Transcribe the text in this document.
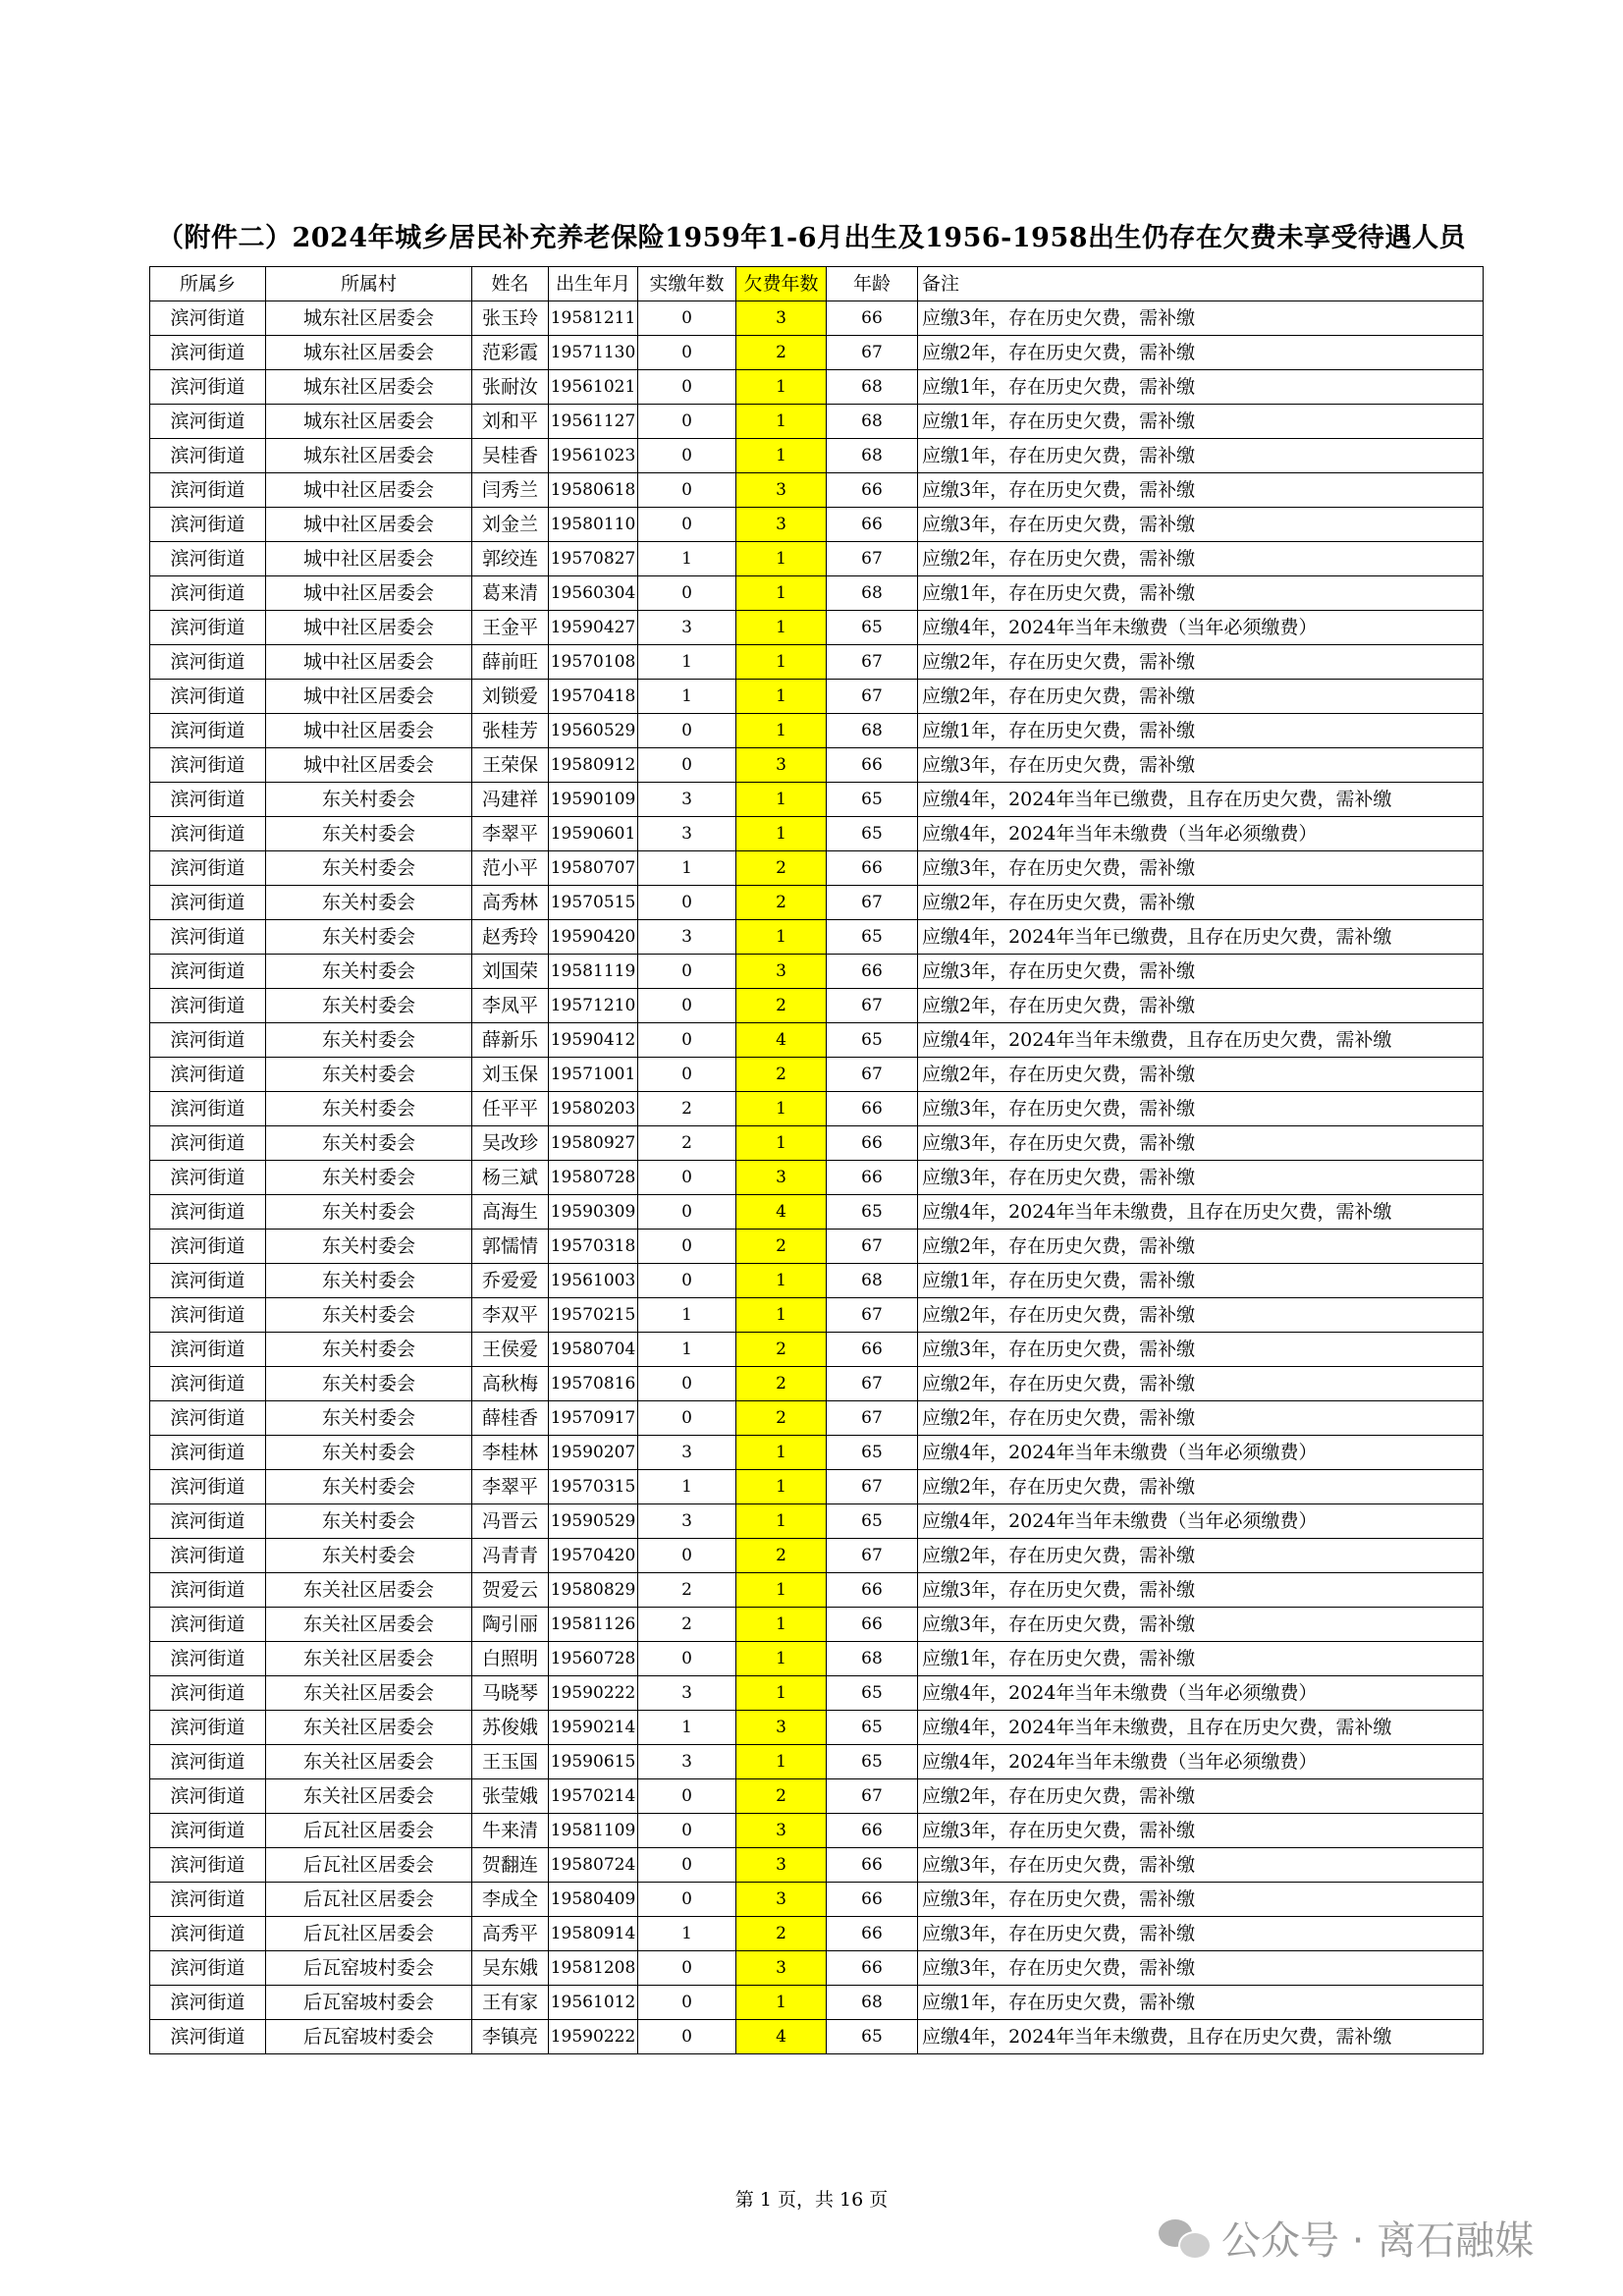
（附件二）2024年城乡居民补充养老保险1959年1-6月出生及1956-1958出生仍存在欠费未享受待遇人员
所属乡	所属村	姓名	出生年月	实缴年数	欠费年数	年龄	备注
滨河街道	城东社区居委会	张玉玲	19581211	0	3	66	应缴3年，存在历史欠费，需补缴
滨河街道	城东社区居委会	范彩霞	19571130	0	2	67	应缴2年，存在历史欠费，需补缴
滨河街道	城东社区居委会	张耐汝	19561021	0	1	68	应缴1年，存在历史欠费，需补缴
滨河街道	城东社区居委会	刘和平	19561127	0	1	68	应缴1年，存在历史欠费，需补缴
滨河街道	城东社区居委会	吴桂香	19561023	0	1	68	应缴1年，存在历史欠费，需补缴
滨河街道	城中社区居委会	闫秀兰	19580618	0	3	66	应缴3年，存在历史欠费，需补缴
滨河街道	城中社区居委会	刘金兰	19580110	0	3	66	应缴3年，存在历史欠费，需补缴
滨河街道	城中社区居委会	郭绞连	19570827	1	1	67	应缴2年，存在历史欠费，需补缴
滨河街道	城中社区居委会	葛来清	19560304	0	1	68	应缴1年，存在历史欠费，需补缴
滨河街道	城中社区居委会	王金平	19590427	3	1	65	应缴4年，2024年当年未缴费（当年必须缴费）
滨河街道	城中社区居委会	薛前旺	19570108	1	1	67	应缴2年，存在历史欠费，需补缴
滨河街道	城中社区居委会	刘锁爱	19570418	1	1	67	应缴2年，存在历史欠费，需补缴
滨河街道	城中社区居委会	张桂芳	19560529	0	1	68	应缴1年，存在历史欠费，需补缴
滨河街道	城中社区居委会	王荣保	19580912	0	3	66	应缴3年，存在历史欠费，需补缴
滨河街道	东关村委会	冯建祥	19590109	3	1	65	应缴4年，2024年当年已缴费，且存在历史欠费，需补缴
滨河街道	东关村委会	李翠平	19590601	3	1	65	应缴4年，2024年当年未缴费（当年必须缴费）
滨河街道	东关村委会	范小平	19580707	1	2	66	应缴3年，存在历史欠费，需补缴
滨河街道	东关村委会	高秀林	19570515	0	2	67	应缴2年，存在历史欠费，需补缴
滨河街道	东关村委会	赵秀玲	19590420	3	1	65	应缴4年，2024年当年已缴费，且存在历史欠费，需补缴
滨河街道	东关村委会	刘国荣	19581119	0	3	66	应缴3年，存在历史欠费，需补缴
滨河街道	东关村委会	李凤平	19571210	0	2	67	应缴2年，存在历史欠费，需补缴
滨河街道	东关村委会	薛新乐	19590412	0	4	65	应缴4年，2024年当年未缴费，且存在历史欠费，需补缴
滨河街道	东关村委会	刘玉保	19571001	0	2	67	应缴2年，存在历史欠费，需补缴
滨河街道	东关村委会	任平平	19580203	2	1	66	应缴3年，存在历史欠费，需补缴
滨河街道	东关村委会	吴改珍	19580927	2	1	66	应缴3年，存在历史欠费，需补缴
滨河街道	东关村委会	杨三斌	19580728	0	3	66	应缴3年，存在历史欠费，需补缴
滨河街道	东关村委会	高海生	19590309	0	4	65	应缴4年，2024年当年未缴费，且存在历史欠费，需补缴
滨河街道	东关村委会	郭懦情	19570318	0	2	67	应缴2年，存在历史欠费，需补缴
滨河街道	东关村委会	乔爱爱	19561003	0	1	68	应缴1年，存在历史欠费，需补缴
滨河街道	东关村委会	李双平	19570215	1	1	67	应缴2年，存在历史欠费，需补缴
滨河街道	东关村委会	王侯爱	19580704	1	2	66	应缴3年，存在历史欠费，需补缴
滨河街道	东关村委会	高秋梅	19570816	0	2	67	应缴2年，存在历史欠费，需补缴
滨河街道	东关村委会	薛桂香	19570917	0	2	67	应缴2年，存在历史欠费，需补缴
滨河街道	东关村委会	李桂林	19590207	3	1	65	应缴4年，2024年当年未缴费（当年必须缴费）
滨河街道	东关村委会	李翠平	19570315	1	1	67	应缴2年，存在历史欠费，需补缴
滨河街道	东关村委会	冯晋云	19590529	3	1	65	应缴4年，2024年当年未缴费（当年必须缴费）
滨河街道	东关村委会	冯青青	19570420	0	2	67	应缴2年，存在历史欠费，需补缴
滨河街道	东关社区居委会	贺爱云	19580829	2	1	66	应缴3年，存在历史欠费，需补缴
滨河街道	东关社区居委会	陶引丽	19581126	2	1	66	应缴3年，存在历史欠费，需补缴
滨河街道	东关社区居委会	白照明	19560728	0	1	68	应缴1年，存在历史欠费，需补缴
滨河街道	东关社区居委会	马晓琴	19590222	3	1	65	应缴4年，2024年当年未缴费（当年必须缴费）
滨河街道	东关社区居委会	苏俊娥	19590214	1	3	65	应缴4年，2024年当年未缴费，且存在历史欠费，需补缴
滨河街道	东关社区居委会	王玉国	19590615	3	1	65	应缴4年，2024年当年未缴费（当年必须缴费）
滨河街道	东关社区居委会	张莹娥	19570214	0	2	67	应缴2年，存在历史欠费，需补缴
滨河街道	后瓦社区居委会	牛来清	19581109	0	3	66	应缴3年，存在历史欠费，需补缴
滨河街道	后瓦社区居委会	贺翻连	19580724	0	3	66	应缴3年，存在历史欠费，需补缴
滨河街道	后瓦社区居委会	李成全	19580409	0	3	66	应缴3年，存在历史欠费，需补缴
滨河街道	后瓦社区居委会	高秀平	19580914	1	2	66	应缴3年，存在历史欠费，需补缴
滨河街道	后瓦窑坡村委会	吴东娥	19581208	0	3	66	应缴3年，存在历史欠费，需补缴
滨河街道	后瓦窑坡村委会	王有家	19561012	0	1	68	应缴1年，存在历史欠费，需补缴
滨河街道	后瓦窑坡村委会	李镇亮	19590222	0	4	65	应缴4年，2024年当年未缴费，且存在历史欠费，需补缴
第 1 页，共 16 页
公众号 · 离石融媒
